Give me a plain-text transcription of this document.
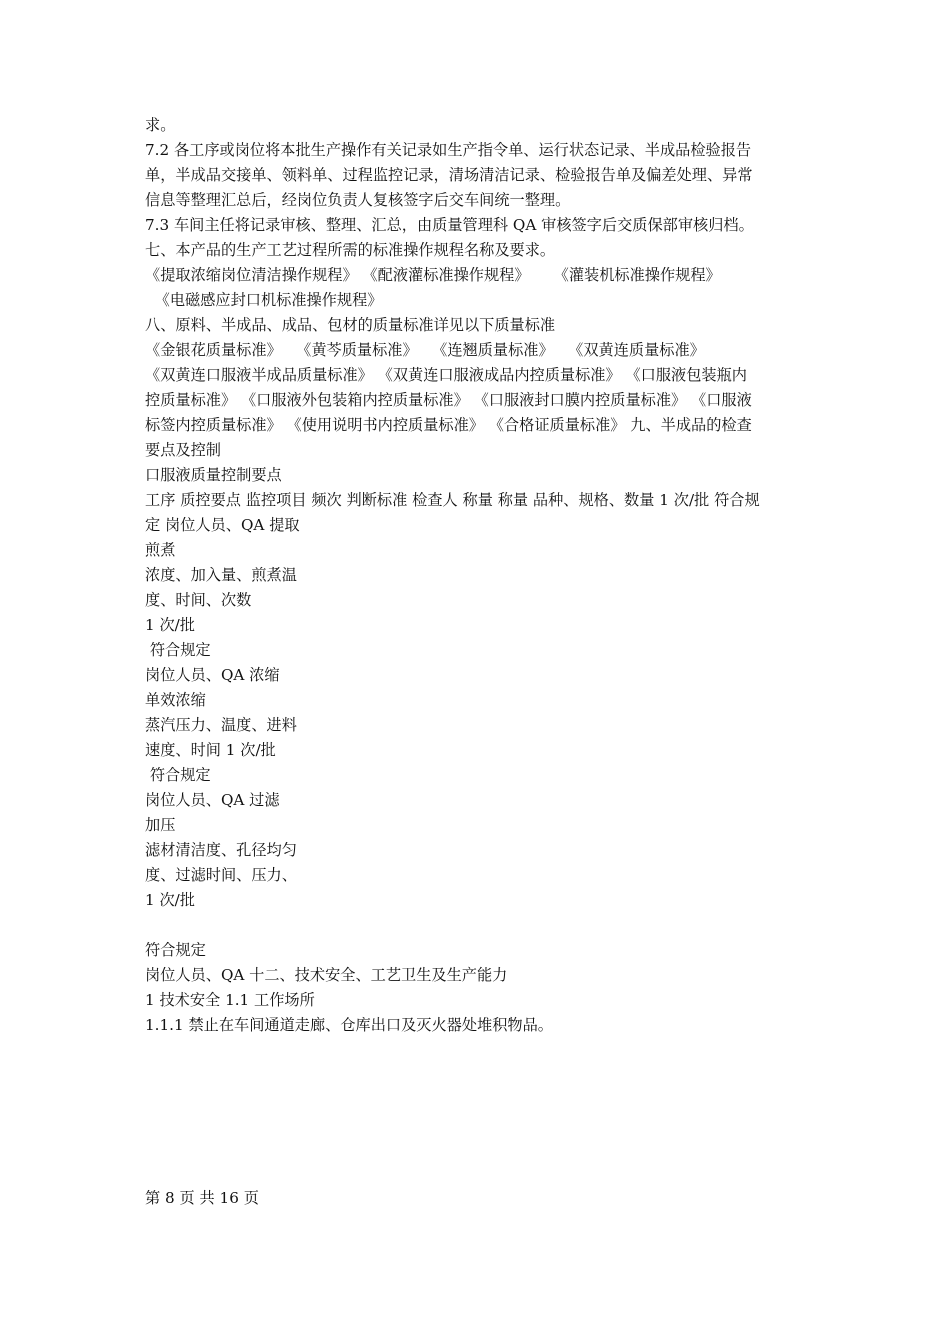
求。
7.2 各工序或岗位将本批生产操作有关记录如生产指令单、运行状态记录、半成品检验报告
单，半成品交接单、领料单、过程监控记录，清场清洁记录、检验报告单及偏差处理、异常
信息等整理汇总后，经岗位负责人复核签字后交车间统一整理。
7.3 车间主任将记录审核、整理、汇总，由质量管理科 QA 审核签字后交质保部审核归档。
七、本产品的生产工艺过程所需的标准操作规程名称及要求。
《提取浓缩岗位清洁操作规程》 《配液灌标准操作规程》     《灌装机标准操作规程》
《电磁感应封口机标准操作规程》
八、原料、半成品、成品、包材的质量标准详见以下质量标准
《金银花质量标准》   《黄芩质量标准》   《连翘质量标准》   《双黄连质量标准》
《双黄连口服液半成品质量标准》 《双黄连口服液成品内控质量标准》 《口服液包装瓶内
控质量标准》 《口服液外包装箱内控质量标准》 《口服液封口膜内控质量标准》 《口服液
标签内控质量标准》 《使用说明书内控质量标准》 《合格证质量标准》 九、半成品的检查
要点及控制
口服液质量控制要点
工序 质控要点 监控项目 频次 判断标准 检查人 称量 称量 品种、规格、数量 1 次/批 符合规
定 岗位人员、QA 提取
煎煮
浓度、加入量、煎煮温
度、时间、次数
1 次/批
符合规定
岗位人员、QA 浓缩
单效浓缩
蒸汽压力、温度、进料
速度、时间 1 次/批
符合规定
岗位人员、QA 过滤
加压
滤材清洁度、孔径均匀
度、过滤时间、压力、
1 次/批
符合规定
岗位人员、QA 十二、技术安全、工艺卫生及生产能力
1 技术安全 1.1 工作场所
1.1.1 禁止在车间通道走廊、仓库出口及灭火器处堆积物品。
第 8 页 共 16 页
